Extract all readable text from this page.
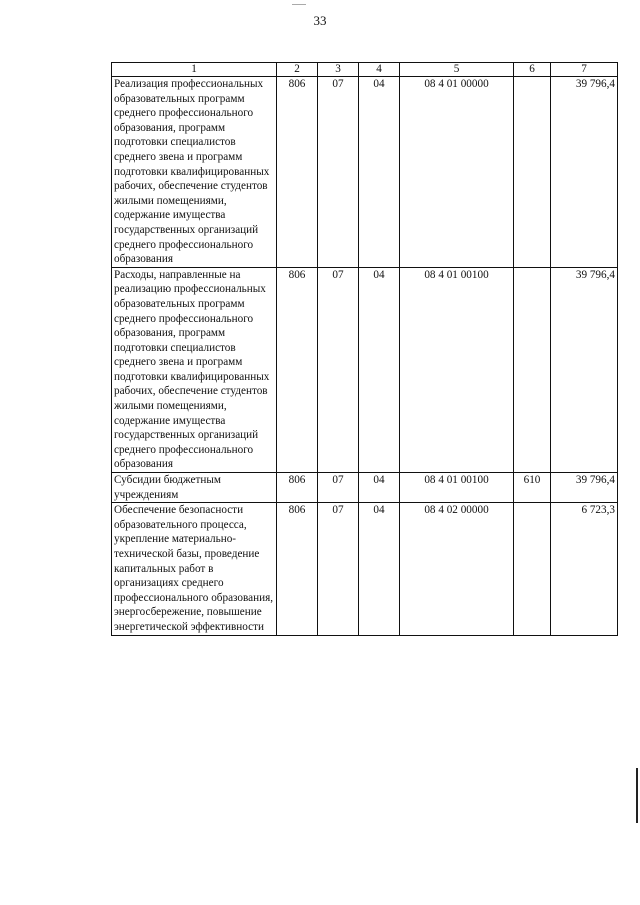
33
1	2	3	4	5	6	7
Реализация профессиональных образовательных программ среднего профессионального образования, программ подготовки специалистов среднего звена и программ подготовки квалифицированных рабочих, обеспечение студентов жилыми помещениями, содержание имущества государственных организаций среднего профессионального образования	806	07	04	08 4 01 00000		39 796,4
Расходы, направленные на реализацию профессиональных образовательных программ среднего профессионального образования, программ подготовки специалистов среднего звена и программ подготовки квалифицированных рабочих, обеспечение студентов жилыми помещениями, содержание имущества государственных организаций среднего профессионального образования	806	07	04	08 4 01 00100		39 796,4
Субсидии бюджетным учреждениям	806	07	04	08 4 01 00100	610	39 796,4
Обеспечение безопасности образовательного процесса, укрепление материально-технической базы, проведение капитальных работ в организациях среднего профессионального образования, энергосбережение, повышение энергетической эффективности	806	07	04	08 4 02 00000		6 723,3
